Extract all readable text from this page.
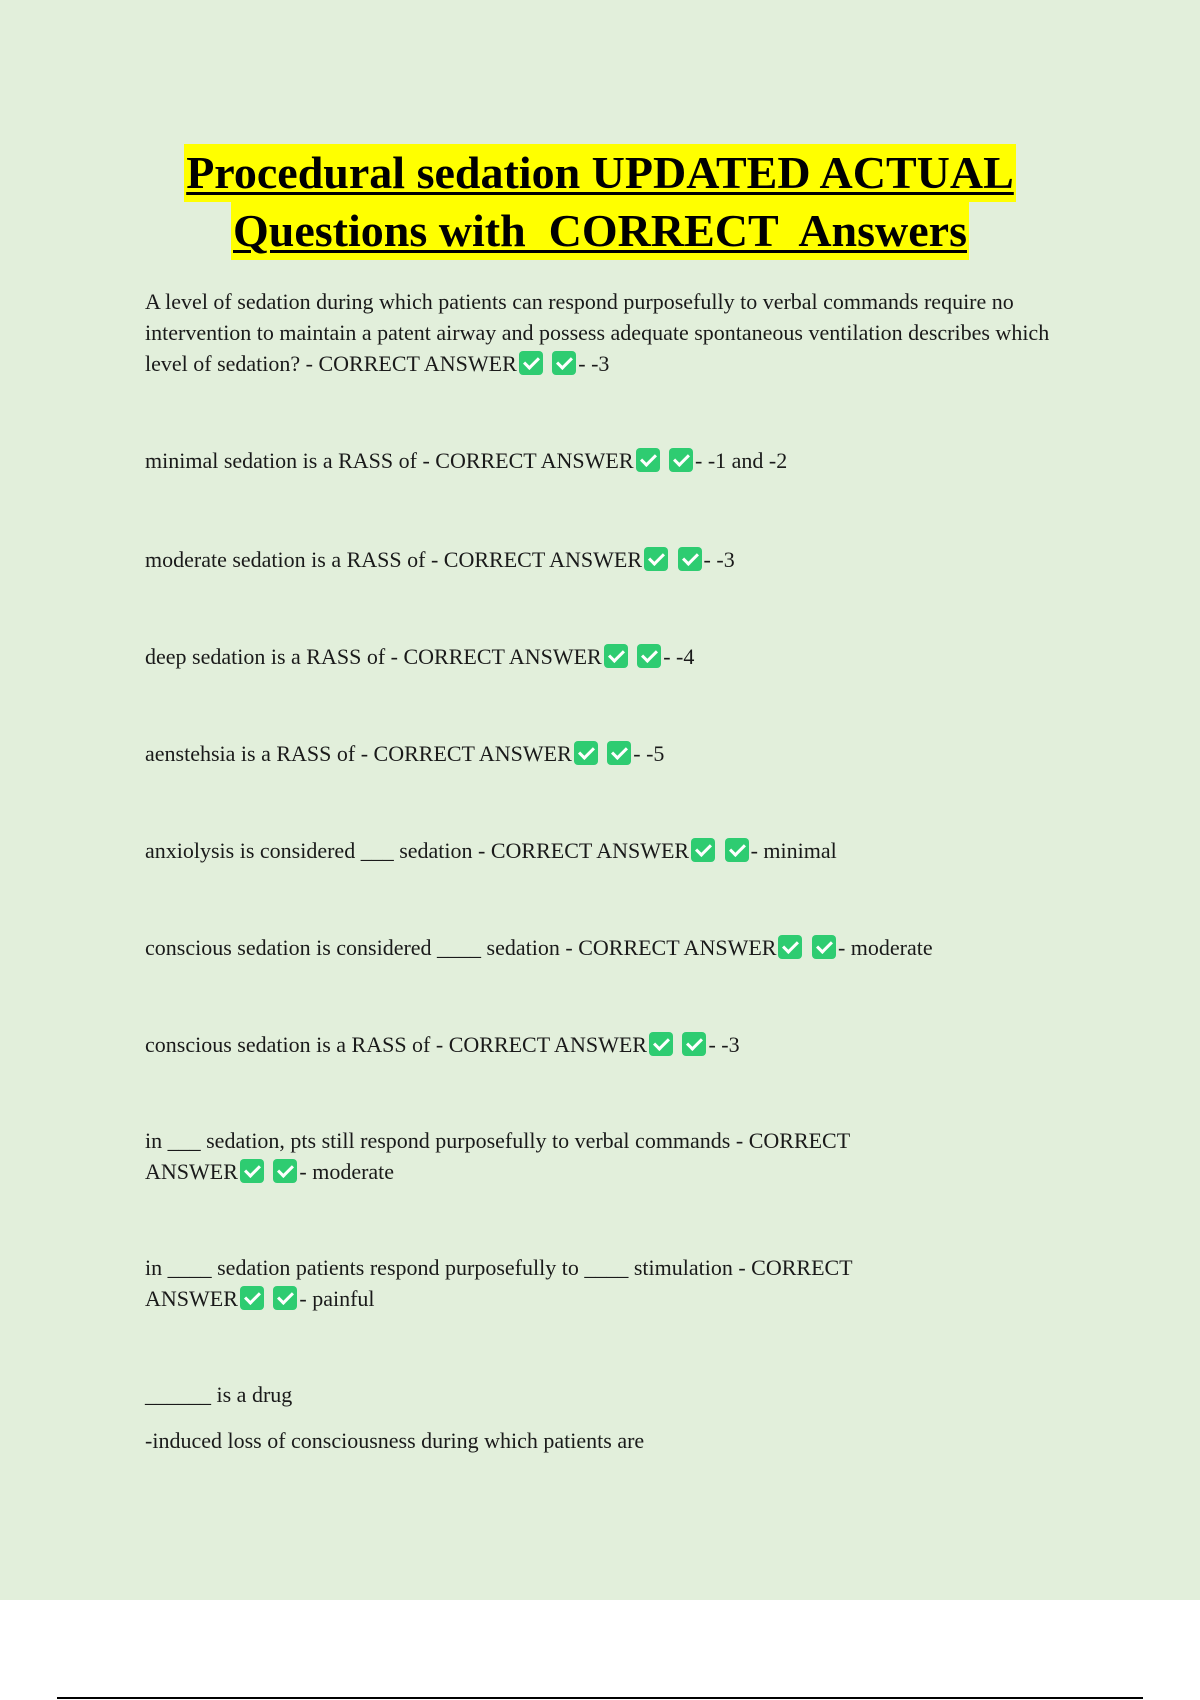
Procedural sedation UPDATED ACTUAL
Questions with  CORRECT  Answers
A level of sedation during which patients can respond purposefully to verbal commands require no intervention to maintain a patent airway and possess adequate spontaneous ventilation describes which level of sedation? - CORRECT ANSWER	- -3
minimal sedation is a RASS of - CORRECT ANSWER	- -1 and -2
moderate sedation is a RASS of - CORRECT ANSWER	- -3
deep sedation is a RASS of - CORRECT ANSWER	- -4
aenstehsia is a RASS of - CORRECT ANSWER	- -5
anxiolysis is considered ___ sedation - CORRECT ANSWER	- minimal
conscious sedation is considered ____ sedation - CORRECT ANSWER	- moderate
conscious sedation is a RASS of - CORRECT ANSWER	- -3
in ___ sedation, pts still respond purposefully to verbal commands - CORRECT ANSWER	- moderate
in ____ sedation patients respond purposefully to ____ stimulation - CORRECT ANSWER	- painful
______ is a drug
-induced loss of consciousness during which patients are
